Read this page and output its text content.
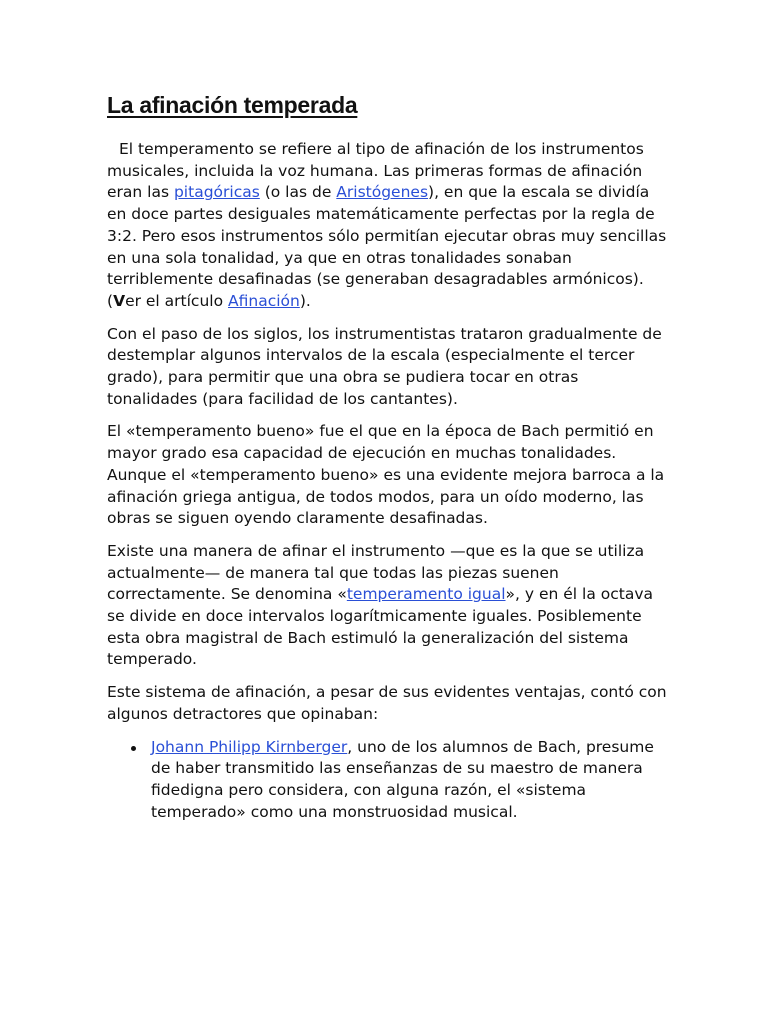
La afinación temperada

El temperamento se refiere al tipo de afinación de los instrumentos musicales, incluida la voz humana. Las primeras formas de afinación eran las pitagóricas (o las de Aristógenes), en que la escala se dividía en doce partes desiguales matemáticamente perfectas por la regla de 3:2. Pero esos instrumentos sólo permitían ejecutar obras muy sencillas en una sola tonalidad, ya que en otras tonalidades sonaban terriblemente desafinadas (se generaban desagradables armónicos). (Ver el artículo Afinación).

Con el paso de los siglos, los instrumentistas trataron gradualmente de destemplar algunos intervalos de la escala (especialmente el tercer grado), para permitir que una obra se pudiera tocar en otras tonalidades (para facilidad de los cantantes).

El «temperamento bueno» fue el que en la época de Bach permitió en mayor grado esa capacidad de ejecución en muchas tonalidades. Aunque el «temperamento bueno» es una evidente mejora barroca a la afinación griega antigua, de todos modos, para un oído moderno, las obras se siguen oyendo claramente desafinadas.

Existe una manera de afinar el instrumento —que es la que se utiliza actualmente— de manera tal que todas las piezas suenen correctamente. Se denomina «temperamento igual», y en él la octava se divide en doce intervalos logarítmicamente iguales. Posiblemente esta obra magistral de Bach estimuló la generalización del sistema temperado.

Este sistema de afinación, a pesar de sus evidentes ventajas, contó con algunos detractores que opinaban:

Johann Philipp Kirnberger, uno de los alumnos de Bach, presume de haber transmitido las enseñanzas de su maestro de manera fidedigna pero considera, con alguna razón, el «sistema temperado» como una monstruosidad musical.
